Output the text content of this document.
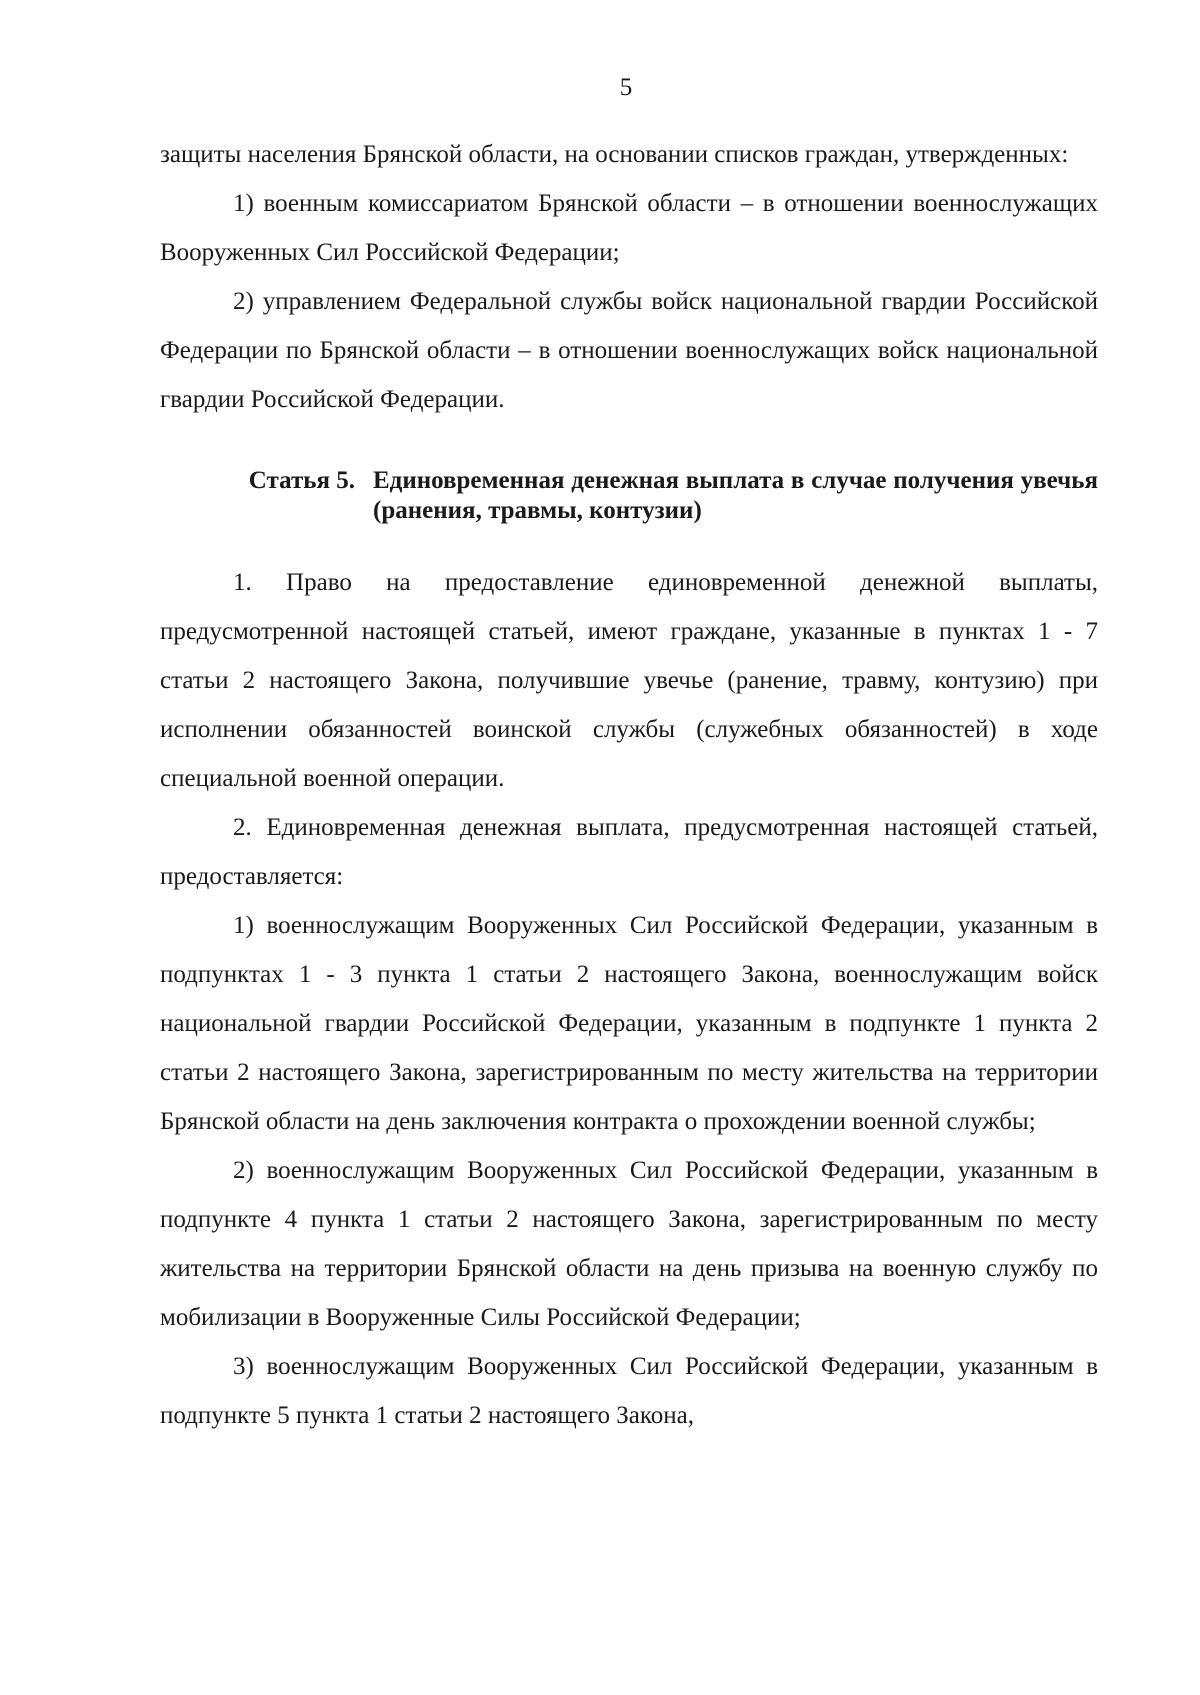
5

защиты населения Брянской области, на основании списков граждан, утвержденных:

1) военным комиссариатом Брянской области – в отношении военнослужащих Вооруженных Сил Российской Федерации;

2) управлением Федеральной службы войск национальной гвардии Российской Федерации по Брянской области – в отношении военнослужащих войск национальной гвардии Российской Федерации.

Статья 5. Единовременная денежная выплата в случае получения увечья (ранения, травмы, контузии)

1. Право на предоставление единовременной денежной выплаты, предусмотренной настоящей статьей, имеют граждане, указанные в пунктах 1 - 7 статьи 2 настоящего Закона, получившие увечье (ранение, травму, контузию) при исполнении обязанностей воинской службы (служебных обязанностей) в ходе специальной военной операции.

2. Единовременная денежная выплата, предусмотренная настоящей статьей, предоставляется:

1) военнослужащим Вооруженных Сил Российской Федерации, указанным в подпунктах 1 - 3 пункта 1 статьи 2 настоящего Закона, военнослужащим войск национальной гвардии Российской Федерации, указанным в подпункте 1 пункта 2 статьи 2 настоящего Закона, зарегистрированным по месту жительства на территории Брянской области на день заключения контракта о прохождении военной службы;

2) военнослужащим Вооруженных Сил Российской Федерации, указанным в подпункте 4 пункта 1 статьи 2 настоящего Закона, зарегистрированным по месту жительства на территории Брянской области на день призыва на военную службу по мобилизации в Вооруженные Силы Российской Федерации;

3) военнослужащим Вооруженных Сил Российской Федерации, указанным в подпункте 5 пункта 1 статьи 2 настоящего Закона,
